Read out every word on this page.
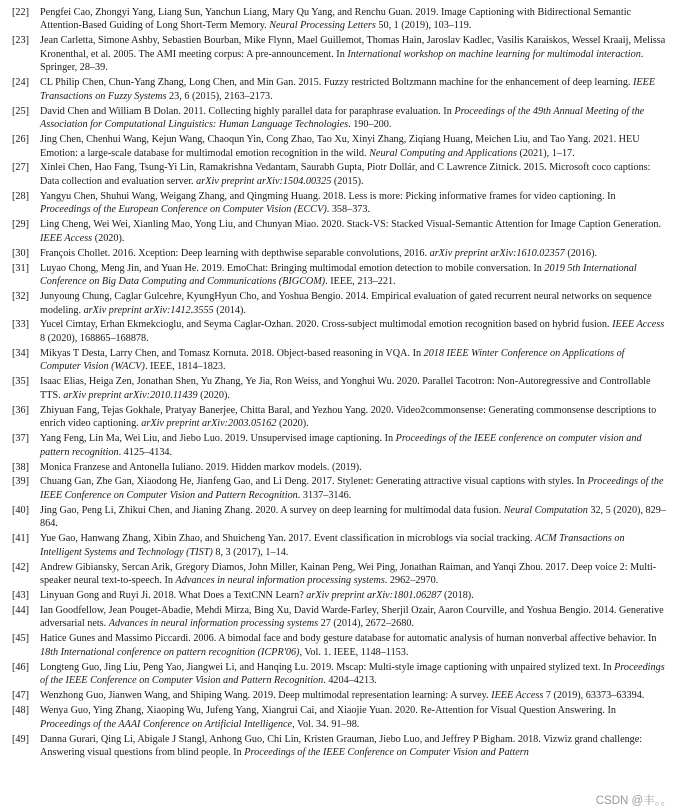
[22]	Pengfei Cao, Zhongyi Yang, Liang Sun, Yanchun Liang, Mary Qu Yang, and Renchu Guan. 2019. Image Captioning with Bidirectional Semantic Attention-Based Guiding of Long Short-Term Memory. Neural Processing Letters 50, 1 (2019), 103–119.
[23]	Jean Carletta, Simone Ashby, Sebastien Bourban, Mike Flynn, Mael Guillemot, Thomas Hain, Jaroslav Kadlec, Vasilis Karaiskos, Wessel Kraaij, Melissa Kronenthal, et al. 2005. The AMI meeting corpus: A pre-announcement. In International workshop on machine learning for multimodal interaction. Springer, 28–39.
[24]	CL Philip Chen, Chun-Yang Zhang, Long Chen, and Min Gan. 2015. Fuzzy restricted Boltzmann machine for the enhancement of deep learning. IEEE Transactions on Fuzzy Systems 23, 6 (2015), 2163–2173.
[25]	David Chen and William B Dolan. 2011. Collecting highly parallel data for paraphrase evaluation. In Proceedings of the 49th Annual Meeting of the Association for Computational Linguistics: Human Language Technologies. 190–200.
[26]	Jing Chen, Chenhui Wang, Kejun Wang, Chaoqun Yin, Cong Zhao, Tao Xu, Xinyi Zhang, Ziqiang Huang, Meichen Liu, and Tao Yang. 2021. HEU Emotion: a large-scale database for multimodal emotion recognition in the wild. Neural Computing and Applications (2021), 1–17.
[27]	Xinlei Chen, Hao Fang, Tsung-Yi Lin, Ramakrishna Vedantam, Saurabh Gupta, Piotr Dollár, and C Lawrence Zitnick. 2015. Microsoft coco captions: Data collection and evaluation server. arXiv preprint arXiv:1504.00325 (2015).
[28]	Yangyu Chen, Shuhui Wang, Weigang Zhang, and Qingming Huang. 2018. Less is more: Picking informative frames for video captioning. In Proceedings of the European Conference on Computer Vision (ECCV). 358–373.
[29]	Ling Cheng, Wei Wei, Xianling Mao, Yong Liu, and Chunyan Miao. 2020. Stack-VS: Stacked Visual-Semantic Attention for Image Caption Generation. IEEE Access (2020).
[30]	François Chollet. 2016. Xception: Deep learning with depthwise separable convolutions, 2016. arXiv preprint arXiv:1610.02357 (2016).
[31]	Luyao Chong, Meng Jin, and Yuan He. 2019. EmoChat: Bringing multimodal emotion detection to mobile conversation. In 2019 5th International Conference on Big Data Computing and Communications (BIGCOM). IEEE, 213–221.
[32]	Junyoung Chung, Caglar Gulcehre, KyungHyun Cho, and Yoshua Bengio. 2014. Empirical evaluation of gated recurrent neural networks on sequence modeling. arXiv preprint arXiv:1412.3555 (2014).
[33]	Yucel Cimtay, Erhan Ekmekcioglu, and Seyma Caglar-Ozhan. 2020. Cross-subject multimodal emotion recognition based on hybrid fusion. IEEE Access 8 (2020), 168865–168878.
[34]	Mikyas T Desta, Larry Chen, and Tomasz Kornuta. 2018. Object-based reasoning in VQA. In 2018 IEEE Winter Conference on Applications of Computer Vision (WACV). IEEE, 1814–1823.
[35]	Isaac Elias, Heiga Zen, Jonathan Shen, Yu Zhang, Ye Jia, Ron Weiss, and Yonghui Wu. 2020. Parallel Tacotron: Non-Autoregressive and Controllable TTS. arXiv preprint arXiv:2010.11439 (2020).
[36]	Zhiyuan Fang, Tejas Gokhale, Pratyay Banerjee, Chitta Baral, and Yezhou Yang. 2020. Video2commonsense: Generating commonsense descriptions to enrich video captioning. arXiv preprint arXiv:2003.05162 (2020).
[37]	Yang Feng, Lin Ma, Wei Liu, and Jiebo Luo. 2019. Unsupervised image captioning. In Proceedings of the IEEE conference on computer vision and pattern recognition. 4125–4134.
[38]	Monica Franzese and Antonella Iuliano. 2019. Hidden markov models. (2019).
[39]	Chuang Gan, Zhe Gan, Xiaodong He, Jianfeng Gao, and Li Deng. 2017. Stylenet: Generating attractive visual captions with styles. In Proceedings of the IEEE Conference on Computer Vision and Pattern Recognition. 3137–3146.
[40]	Jing Gao, Peng Li, Zhikui Chen, and Jianing Zhang. 2020. A survey on deep learning for multimodal data fusion. Neural Computation 32, 5 (2020), 829–864.
[41]	Yue Gao, Hanwang Zhang, Xibin Zhao, and Shuicheng Yan. 2017. Event classification in microblogs via social tracking. ACM Transactions on Intelligent Systems and Technology (TIST) 8, 3 (2017), 1–14.
[42]	Andrew Gibiansky, Sercan Arik, Gregory Diamos, John Miller, Kainan Peng, Wei Ping, Jonathan Raiman, and Yanqi Zhou. 2017. Deep voice 2: Multi-speaker neural text-to-speech. In Advances in neural information processing systems. 2962–2970.
[43]	Linyuan Gong and Ruyi Ji. 2018. What Does a TextCNN Learn? arXiv preprint arXiv:1801.06287 (2018).
[44]	Ian Goodfellow, Jean Pouget-Abadie, Mehdi Mirza, Bing Xu, David Warde-Farley, Sherjil Ozair, Aaron Courville, and Yoshua Bengio. 2014. Generative adversarial nets. Advances in neural information processing systems 27 (2014), 2672–2680.
[45]	Hatice Gunes and Massimo Piccardi. 2006. A bimodal face and body gesture database for automatic analysis of human nonverbal affective behavior. In 18th International conference on pattern recognition (ICPR'06), Vol. 1. IEEE, 1148–1153.
[46]	Longteng Guo, Jing Liu, Peng Yao, Jiangwei Li, and Hanqing Lu. 2019. Mscap: Multi-style image captioning with unpaired stylized text. In Proceedings of the IEEE Conference on Computer Vision and Pattern Recognition. 4204–4213.
[47]	Wenzhong Guo, Jianwen Wang, and Shiping Wang. 2019. Deep multimodal representation learning: A survey. IEEE Access 7 (2019), 63373–63394.
[48]	Wenya Guo, Ying Zhang, Xiaoping Wu, Jufeng Yang, Xiangrui Cai, and Xiaojie Yuan. 2020. Re-Attention for Visual Question Answering. In Proceedings of the AAAI Conference on Artificial Intelligence, Vol. 34. 91–98.
[49]	Danna Gurari, Qing Li, Abigale J Stangl, Anhong Guo, Chi Lin, Kristen Grauman, Jiebo Luo, and Jeffrey P Bigham. 2018. Vizwiz grand challenge: Answering visual questions from blind people. In Proceedings of the IEEE Conference on Computer Vision and Pattern
CSDN @丰。。
